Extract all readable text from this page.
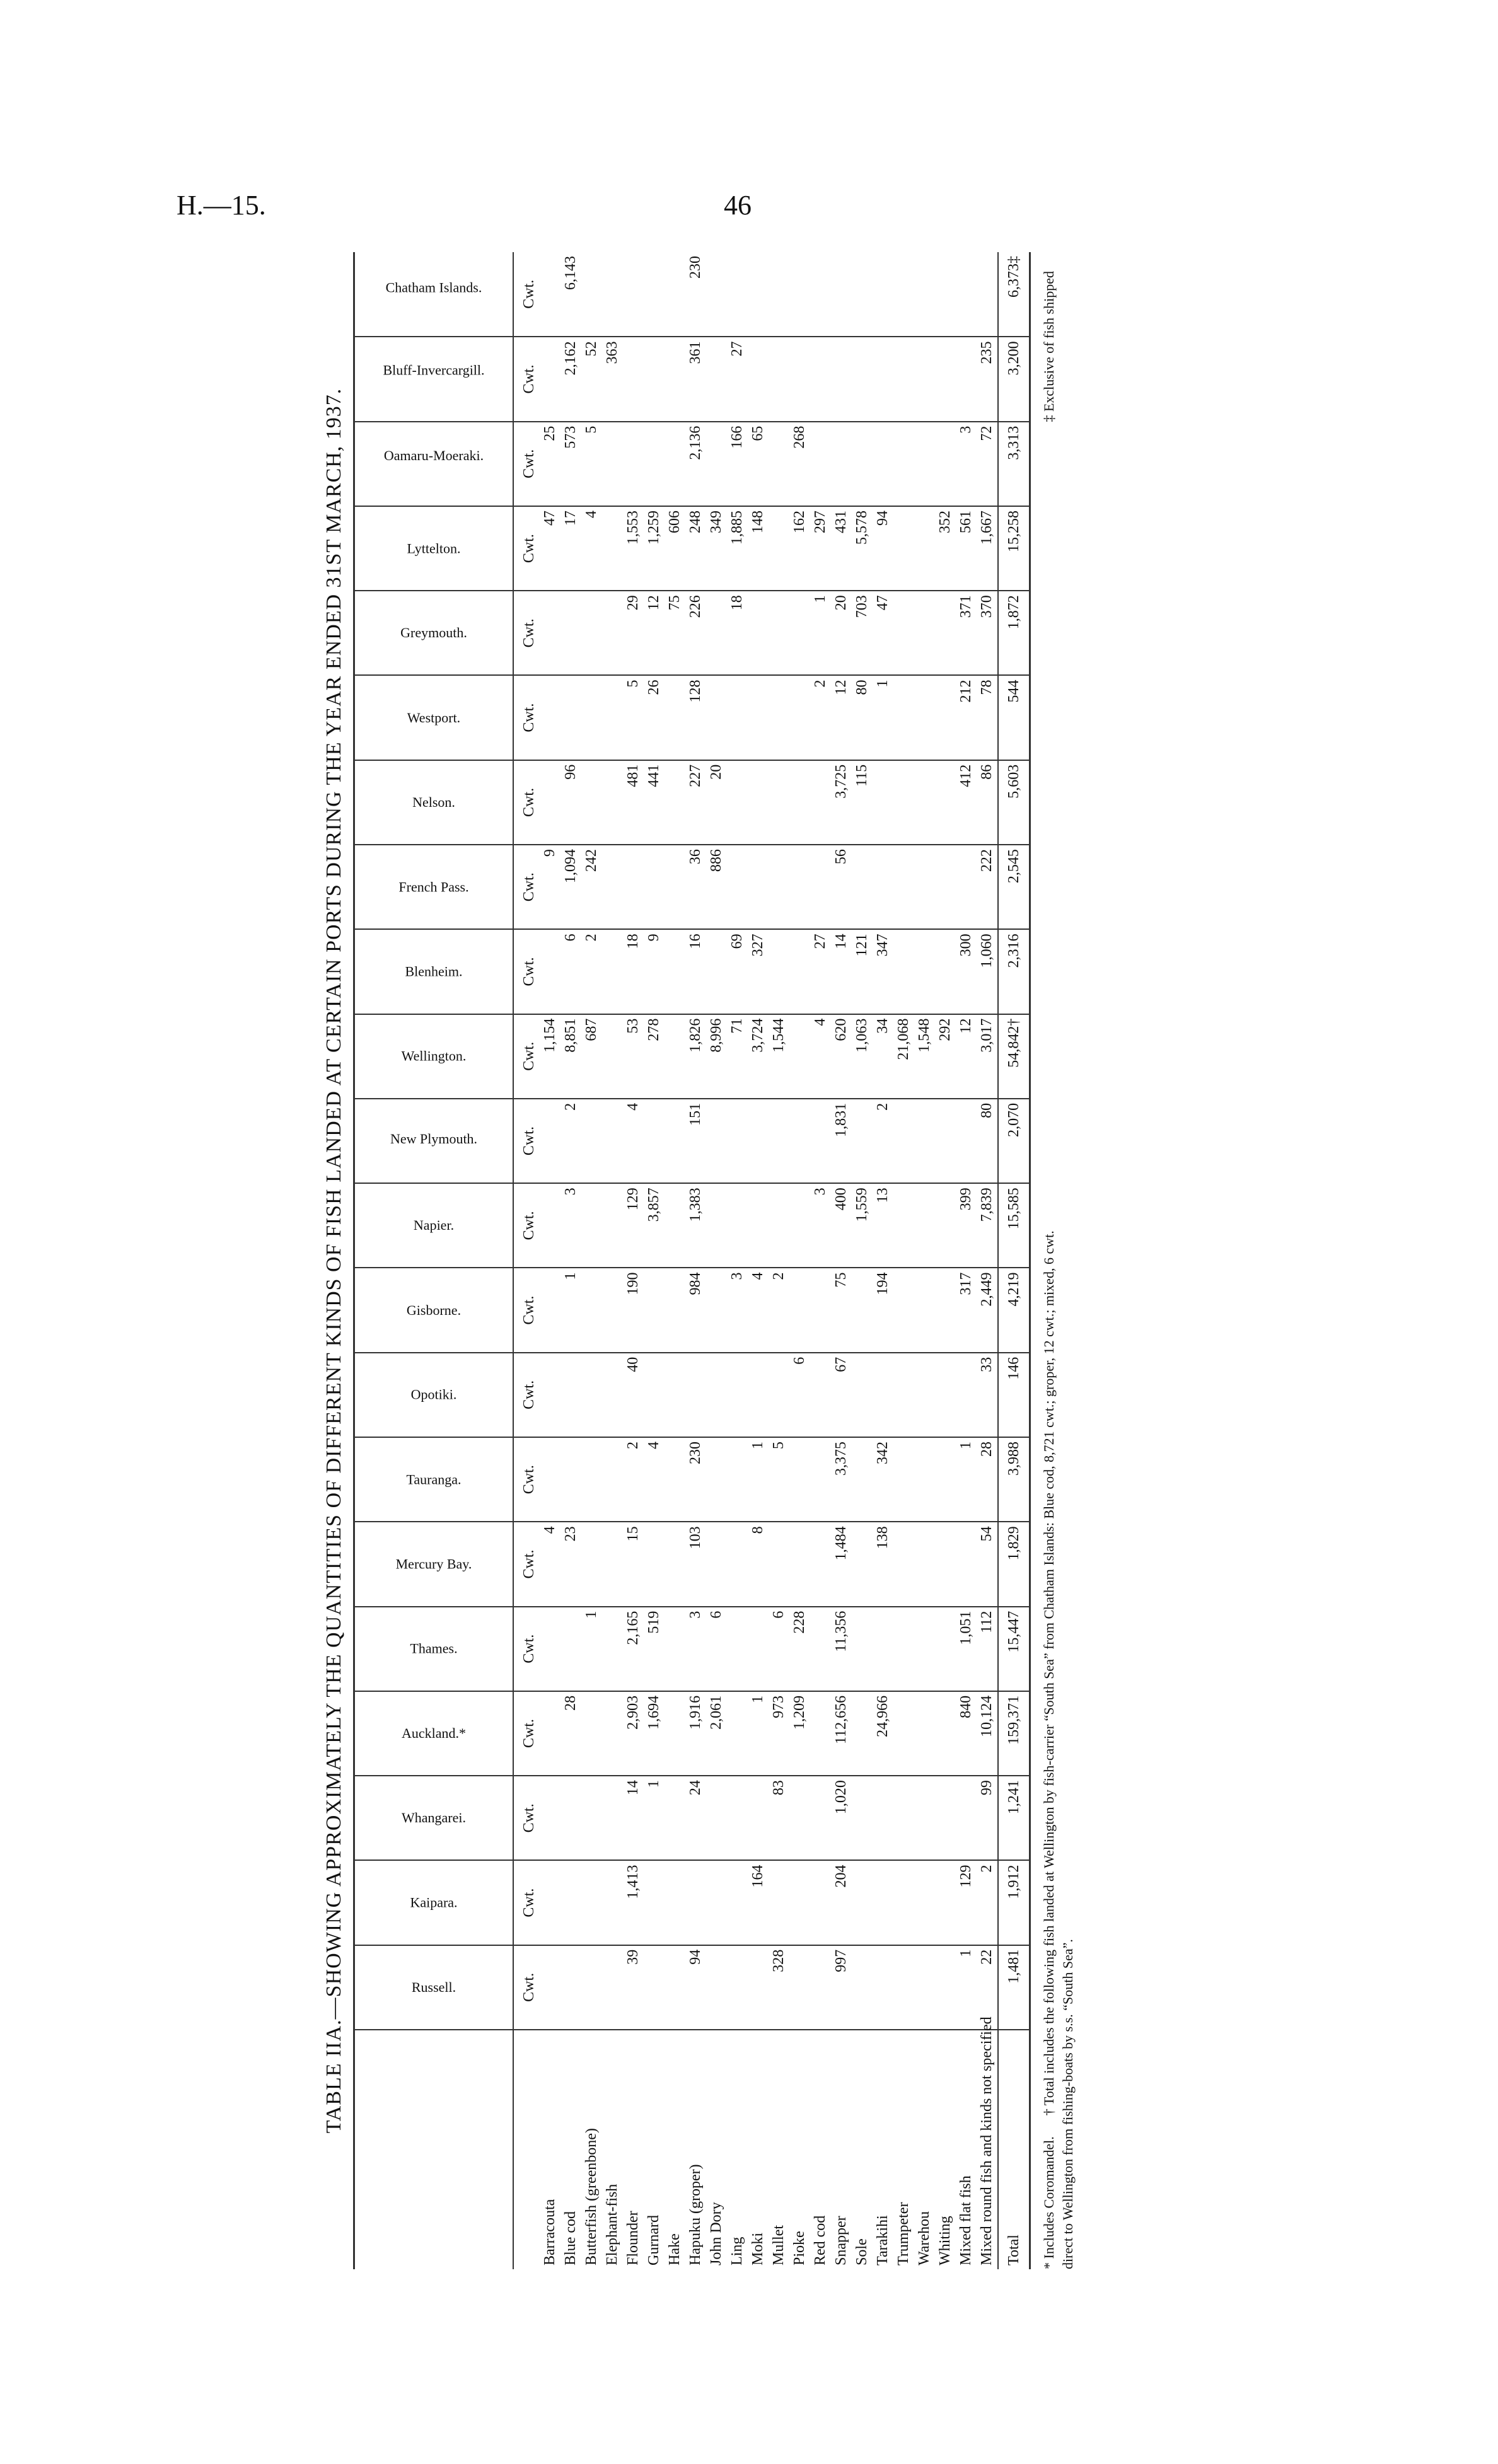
H.—15.	46
TABLE IIA.—SHOWING APPROXIMATELY THE QUANTITIES OF DIFFERENT KINDS OF FISH LANDED AT CERTAIN PORTS DURING THE YEAR ENDED 31ST MARCH, 1937.
		Russell.	Kaipara.	Whangarei.	Auckland.*	Thames.	Mercury Bay.	Tauranga.	Opotiki.	Gisborne.	Napier.	New Plymouth.	Wellington.	Blenheim.	French Pass.	Nelson.	Westport.	Greymouth.	Lyttelton.	Oamaru-Moeraki.	Bluff-Invercargill.	Chatham Islands.
	Cwt.	Cwt.	Cwt.	Cwt.	Cwt.	Cwt.	Cwt.	Cwt.	Cwt.	Cwt.	Cwt.	Cwt.	Cwt.	Cwt.	Cwt.	Cwt.	Cwt.	Cwt.	Cwt.	Cwt.	Cwt.
Barracouta						4						1,154		9				47	25		
Blue cod				28		23			1	3	2	8,851	6	1,094	96			17	573	2,162	6,143
Butterfish (greenbone)					1							687	2	242				4	5	52	
Elephant-fish																				363	
Flounder	39	1,413	14	2,903	2,165	15	2	40	190	129	4	53	18		481	5	29	1,553			
Gurnard			1	1,694	519		4			3,857		278	9		441	26	12	1,259			
Hake																	75	606			
Hapuku (groper)	94		24	1,916	3	103	230		984	1,383	151	1,826	16	36	227	128	226	248	2,136	361	230
John Dory				2,061	6							8,996		886	20			349			
Ling									3			71	69				18	1,885	166	27	
Moki		164		1		8	1		4			3,724	327					148	65		
Mullet	328		83	973	6		5		2			1,544									
Pioke				1,209	228			6										162	268		
Red cod										3		4	27			2	1	297			
Snapper	997	204	1,020	112,656	11,356	1,484	3,375	67	75	400	1,831	620	14	56	3,725	12	20	431			
Sole										1,559		1,063	121		115	80	703	5,578			
Tarakihi				24,966		138	342		194	13	2	34	347			1	47	94			
Trumpeter												21,068									
Warehou												1,548									
Whiting												292						352			
Mixed flat fish	1	129		840	1,051		1		317	399		12	300		412	212	371	561	3		
Mixed round fish and kinds not specified	22	2	99	10,124	112	54	28	33	2,449	7,839	80	3,017	1,060	222	86	78	370	1,667	72	235	
Total	1,481	1,912	1,241	159,371	15,447	1,829	3,988	146	4,219	15,585	2,070	54,842†	2,316	2,545	5,603	544	1,872	15,258	3,313	3,200	6,373‡
* Includes Coromandel.      † Total includes the following fish landed at Wellington by fish-carrier “South Sea” from Chatham Islands: Blue cod, 8,721 cwt.; groper, 12 cwt.; mixed, 6 cwt.
‡ Exclusive of fish shipped
direct to Wellington from fishing-boats by s.s. “South Sea”.
